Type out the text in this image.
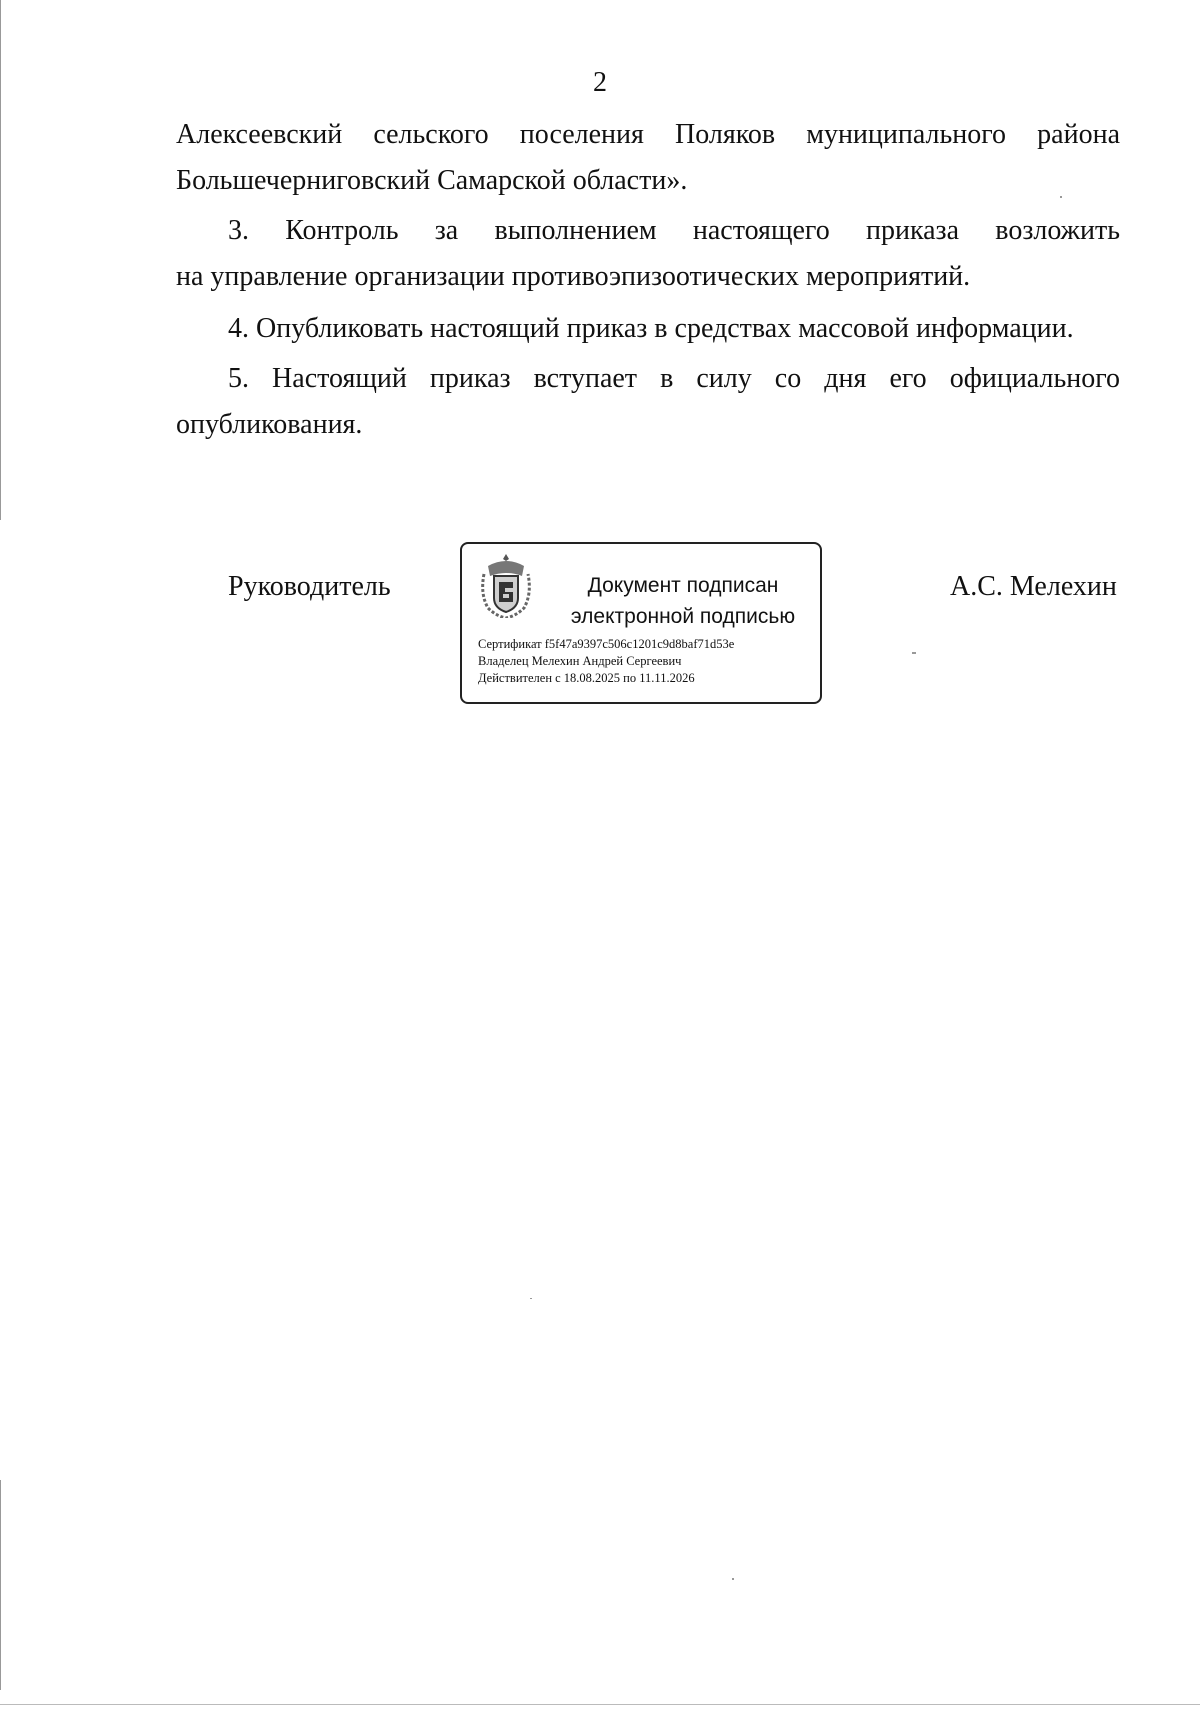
2

Алексеевский сельского поселения Поляков муниципального района
Большечерниговский Самарской области».

3. Контроль за выполнением настоящего приказа возложить
на управление организации противоэпизоотических мероприятий.

4. Опубликовать настоящий приказ в средствах массовой информации.

5. Настоящий приказ вступает в силу со дня его официального
опубликования.

Руководитель	Документ подписан
электронной подписью
Сертификат f5f47a9397c506c1201c9d8baf71d53e
Владелец Мелехин Андрей Сергеевич
Действителен с 18.08.2025 по 11.11.2026
А.С. Мелехин
